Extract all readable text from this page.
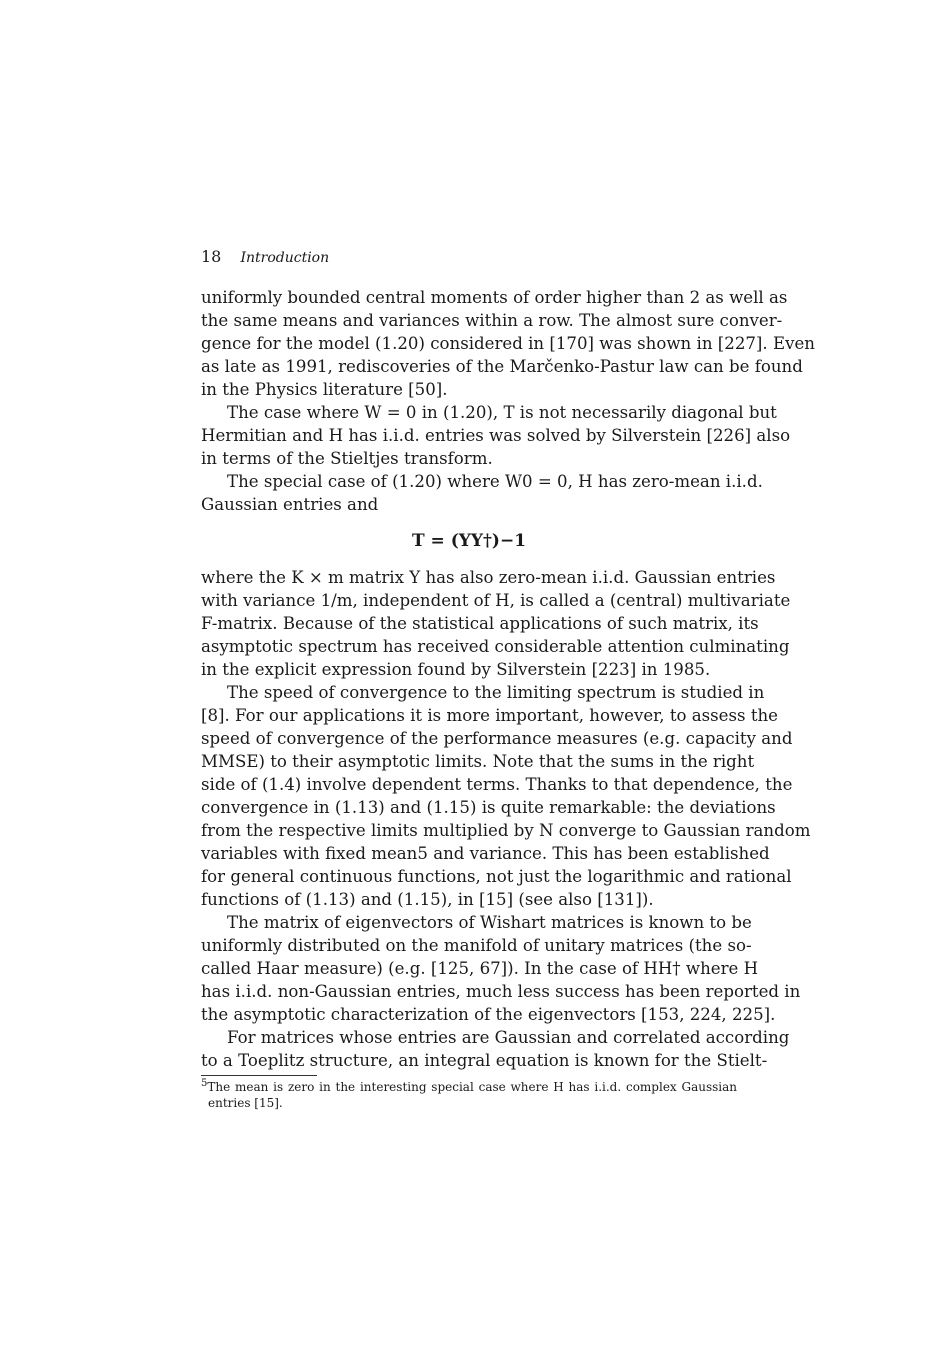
18 Introduction
uniformly bounded central moments of order higher than 2 as well as
the same means and variances within a row. The almost sure conver-
gence for the model (1.20) considered in [170] was shown in [227]. Even
as late as 1991, rediscoveries of the Marčenko-Pastur law can be found
in the Physics literature [50].
The case where W = 0 in (1.20), T is not necessarily diagonal but
Hermitian and H has i.i.d. entries was solved by Silverstein [226] also
in terms of the Stieltjes transform.
The special case of (1.20) where W0 = 0, H has zero-mean i.i.d.
Gaussian entries and
T = (YY†)−1
where the K × m matrix Y has also zero-mean i.i.d. Gaussian entries
with variance 1/m, independent of H, is called a (central) multivariate
F-matrix. Because of the statistical applications of such matrix, its
asymptotic spectrum has received considerable attention culminating
in the explicit expression found by Silverstein [223] in 1985.
The speed of convergence to the limiting spectrum is studied in
[8]. For our applications it is more important, however, to assess the
speed of convergence of the performance measures (e.g. capacity and
MMSE) to their asymptotic limits. Note that the sums in the right
side of (1.4) involve dependent terms. Thanks to that dependence, the
convergence in (1.13) and (1.15) is quite remarkable: the deviations
from the respective limits multiplied by N converge to Gaussian random
variables with fixed mean5 and variance. This has been established
for general continuous functions, not just the logarithmic and rational
functions of (1.13) and (1.15), in [15] (see also [131]).
The matrix of eigenvectors of Wishart matrices is known to be
uniformly distributed on the manifold of unitary matrices (the so-
called Haar measure) (e.g. [125, 67]). In the case of HH† where H
has i.i.d. non-Gaussian entries, much less success has been reported in
the asymptotic characterization of the eigenvectors [153, 224, 225].
For matrices whose entries are Gaussian and correlated according
to a Toeplitz structure, an integral equation is known for the Stielt-
$^5$The mean is zero in the interesting special case where H has i.i.d. complex Gaussian
entries [15].
